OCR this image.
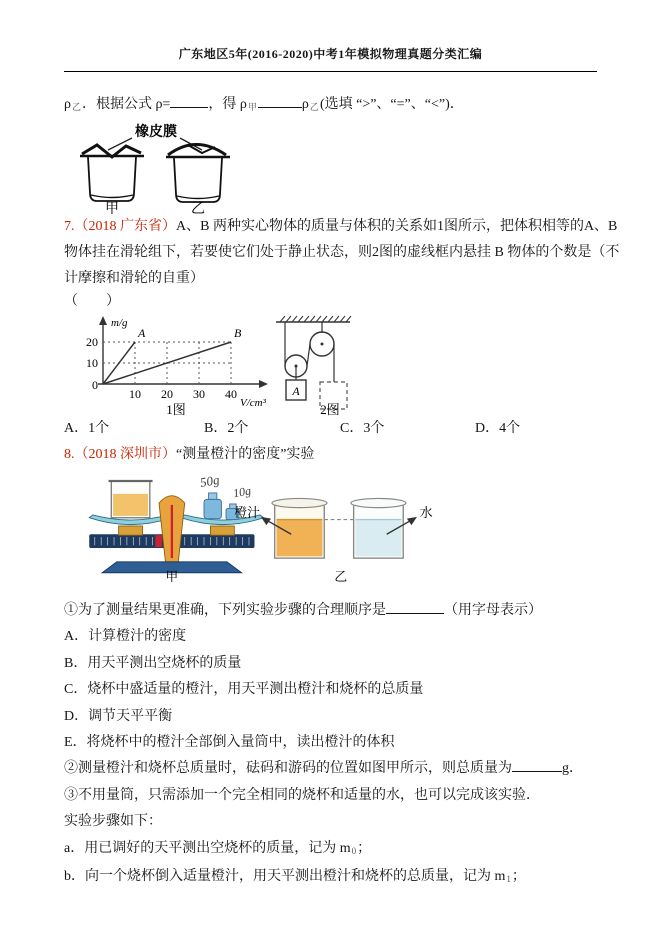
广东地区5年(2016-2020)中考1年模拟物理真题分类汇编

$\rho_乙$．根据公式 ρ=	，得 $\rho_甲$	$\rho_乙$(选填 “>”、“=”、“<”)．

橡皮膜
甲	乙

7.（2018 广东省）A、B 两种实心物体的质量与体积的关系如1图所示，把体积相等的A、B 物体挂在滑轮组下，若要使它们处于静止状态，则2图的虚线框内悬挂 B 物体的个数是（不计摩擦和滑轮的自重）

（　　）
A	B
0
10
20
10 20 30 40
m/g
V/cm³
1图
A
2图
A．1个	B．2个	C．3个	D．4个

8.（2018 深圳市）“测量橙汁的密度”实验

50g
10g
甲
橙汁	水
乙

①为了测量结果更准确，下列实验步骤的合理顺序是	（用字母表示）

A．计算橙汁的密度

B．用天平测出空烧杯的质量

C．烧杯中盛适量的橙汁，用天平测出橙汁和烧杯的总质量

D．调节天平平衡

E．将烧杯中的橙汁全部倒入量筒中，读出橙汁的体积

②测量橙汁和烧杯总质量时，砝码和游码的位置如图甲所示，则总质量为	g．

③不用量筒，只需添加一个完全相同的烧杯和适量的水，也可以完成该实验．

实验步骤如下：

a．用已调好的天平测出空烧杯的质量，记为 $m_0$；

b．向一个烧杯倒入适量橙汁，用天平测出橙汁和烧杯的总质量，记为 $m_1$；
